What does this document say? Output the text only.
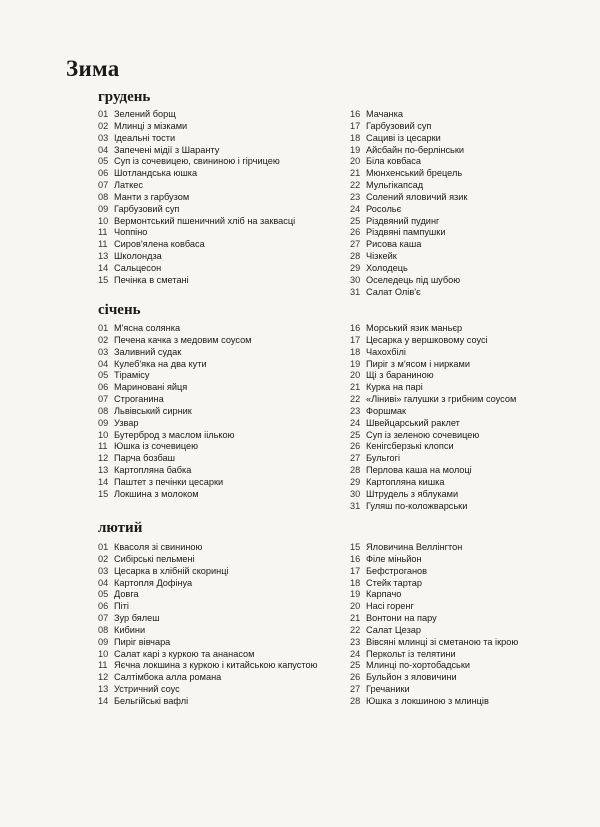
Зима
грудень
01 Зелений борщ
02 Млинці з мізками
03 Ідеальні тости
04 Запечені мідії з Шаранту
05 Суп із сочевицею, свининою і гірчицею
06 Шотландська юшка
07 Латкес
08 Манти з гарбузом
09 Гарбузовий суп
10 Вермонтський пшеничний хліб на заквасці
11 Чоппіно
11 Сиров'ялена ковбаса
13 Школондза
14 Сальцесон
15 Печінка в сметані
16 Мачанка
17 Гарбузовий суп
18 Сациві із цесарки
19 Айсбайн по-берлінськи
20 Біла ковбаса
21 Мюнхенський брецель
22 Мульгікапсад
23 Солений яловичий язик
24 Росольє
25 Різдвяний пудинг
26 Різдвяні пампушки
27 Рисова каша
28 Чізкейк
29 Холодець
30 Оселедець під шубою
31 Салат Олів'є
січень
01 М'ясна солянка
02 Печена качка з медовим соусом
03 Заливний судак
04 Кулеб'яка на два кути
05 Тірамісу
06 Мариновані яйця
07 Строганина
08 Львівський сирник
09 Узвар
10 Бутерброд з маслом іількою
11 Юшка із сочевицею
12 Парча бозбаш
13 Картопляна бабка
14 Паштет з печінки цесарки
15 Локшина з молоком
16 Морський язик маньєр
17 Цесарка у вершковому соусі
18 Чахохбілі
19 Пиріг з м'ясом і нирками
20 Щі з бараниною
21 Курка на парі
22 «Ліниві» галушки з грибним соусом
23 Форшмак
24 Швейцарський раклет
25 Суп із зеленою сочевицею
26 Кенігсберзькі клопси
27 Бульгогі
28 Перлова каша на молоці
29 Картопляна кишка
30 Штрудель з яблуками
31 Гуляш по-коложварськи
лютий
01 Квасоля зі свининою
02 Сибірські пельмені
03 Цесарка в хлібній скоринці
04 Картопля Дофінуа
05 Довга
06 Піті
07 Зур бялеш
08 Кибини
09 Пиріг вівчара
10 Салат карі з куркою та ананасом
11 Яєчна локшина з куркою і китайською капустою
12 Салтімбока алла романа
13 Устричний соус
14 Бельгійські вафлі
15 Яловичина Веллінгтон
16 Філе міньйон
17 Бефстроганов
18 Стейк тартар
19 Карпачо
20 Насі горенг
21 Вонтони на пару
22 Салат Цезар
23 Вівсяні млинці зі сметаною та ікрою
24 Перкольт із телятини
25 Млинці по-хортобадськи
26 Бульйон з яловичини
27 Гречаники
28 Юшка з локшиною з млинців
